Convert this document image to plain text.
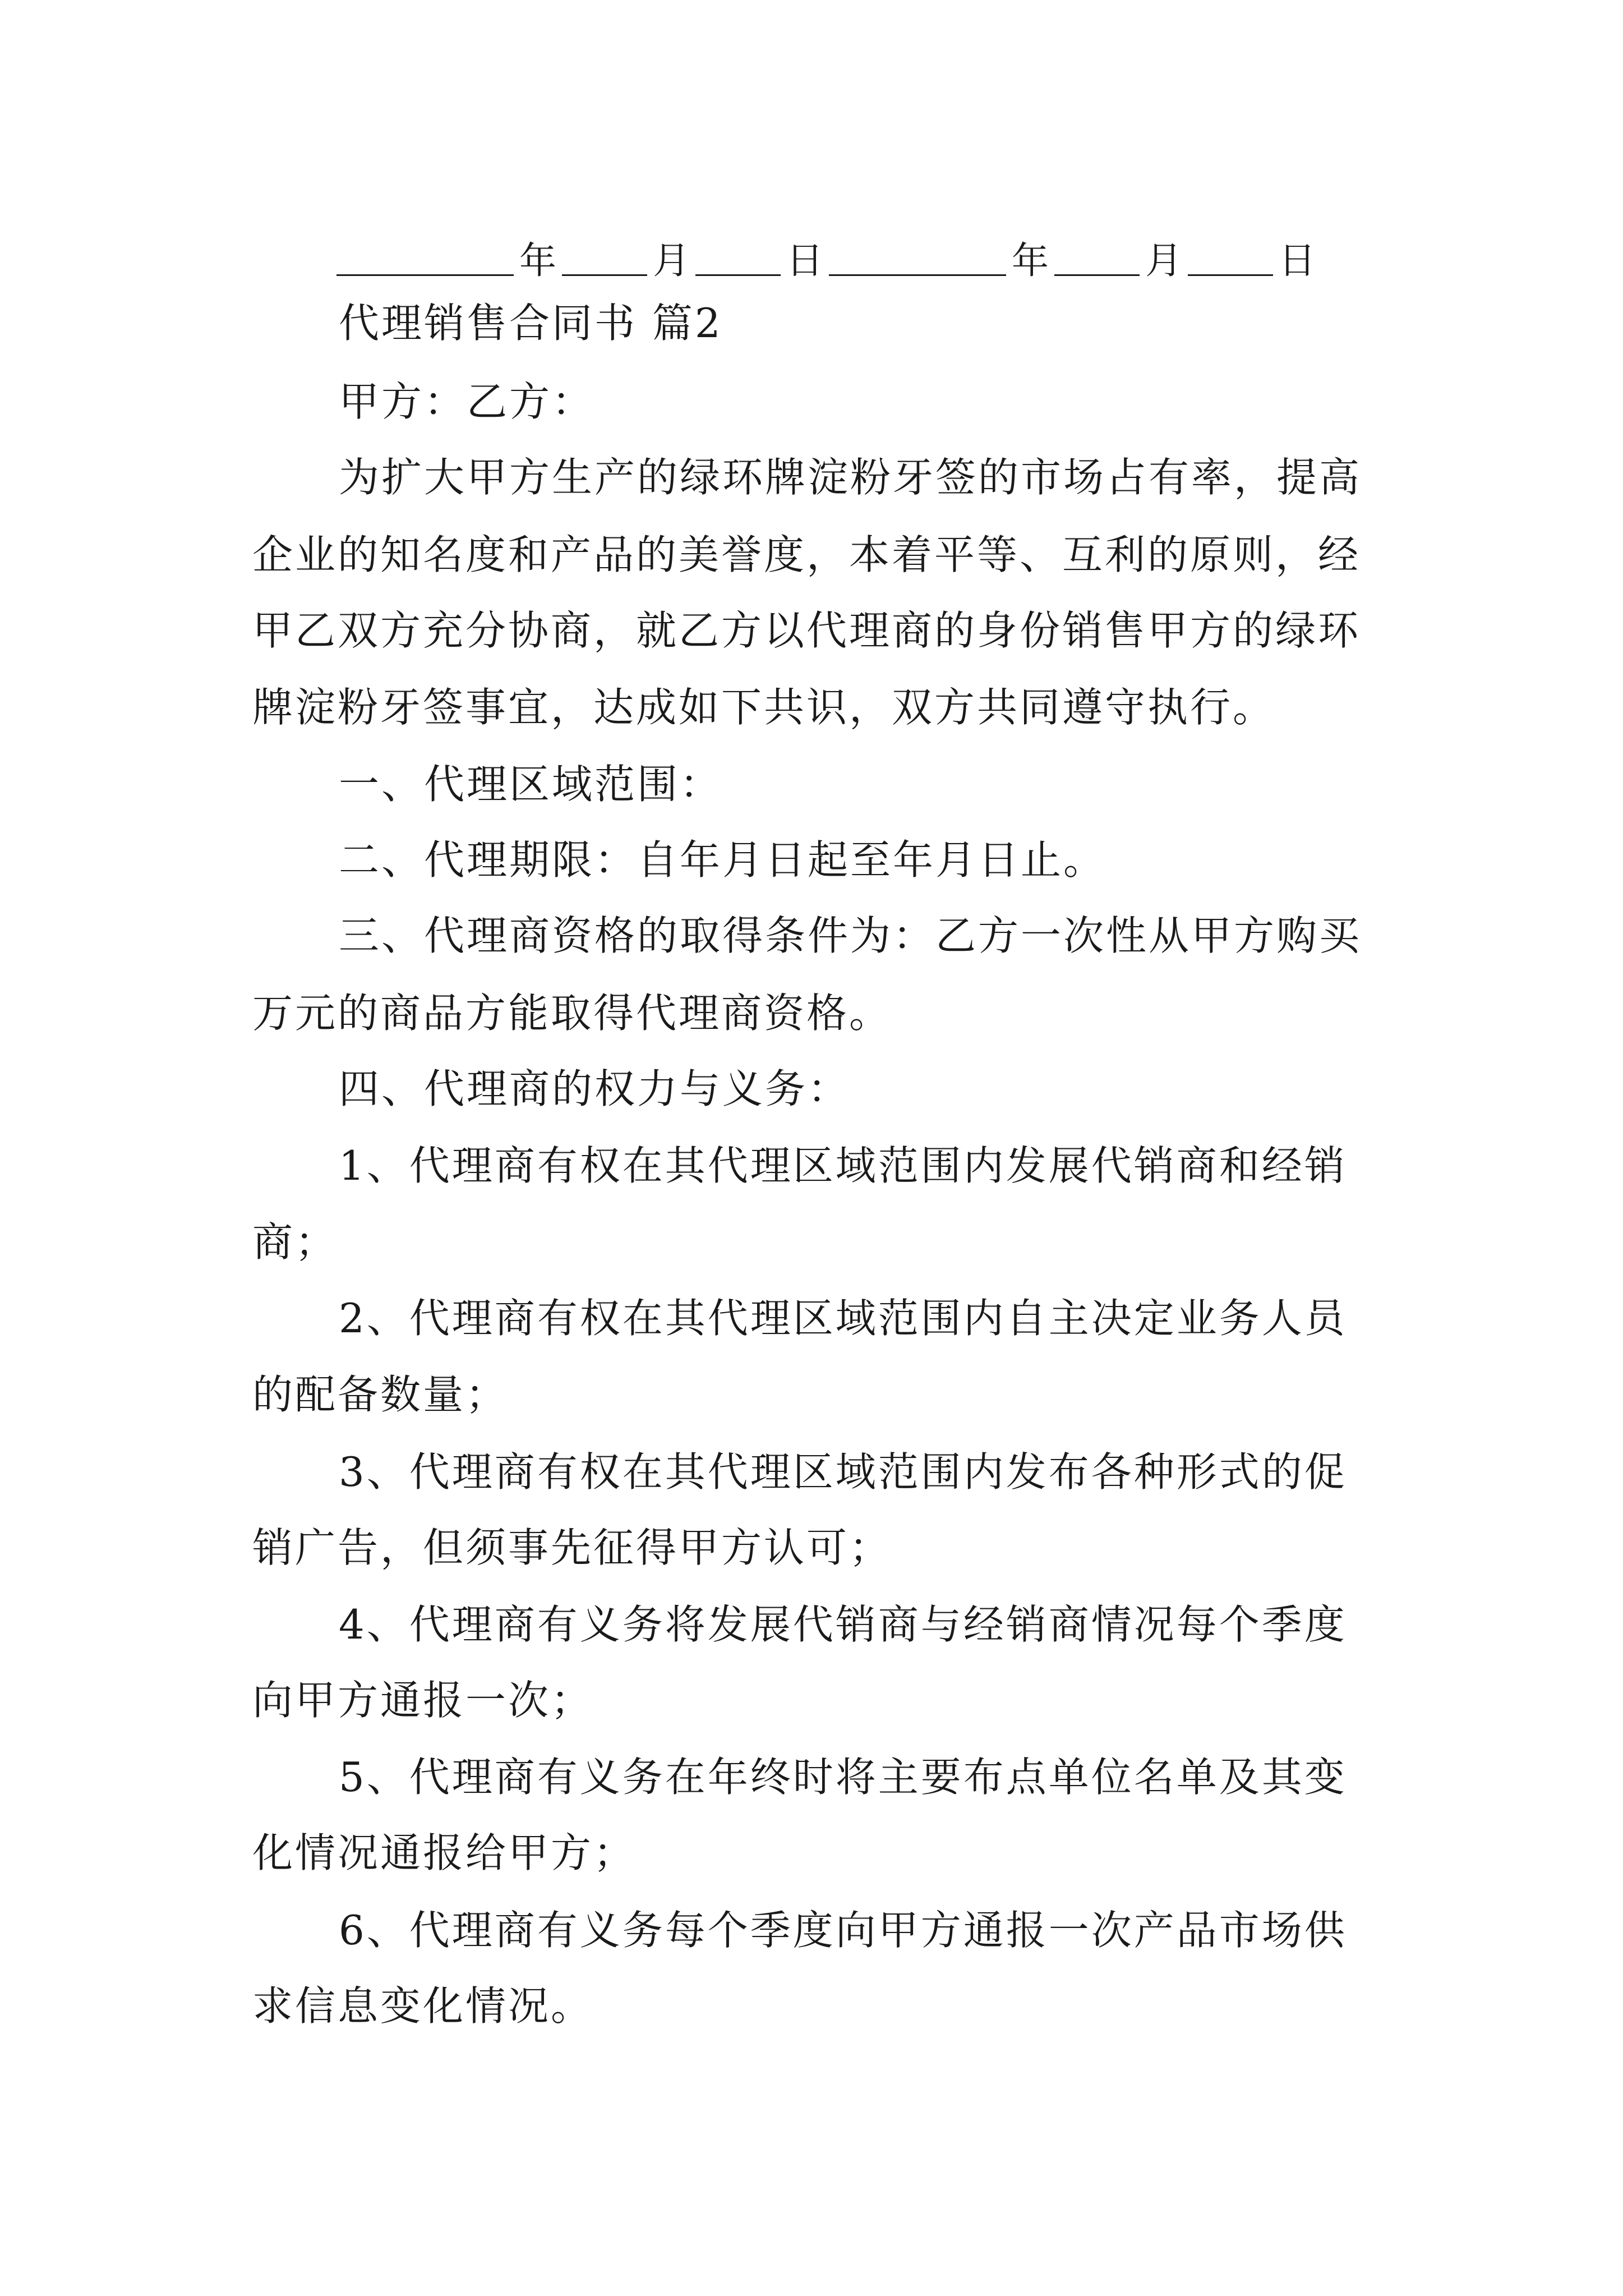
年	月	日	年	月	日
代理销售合同书 篇2
甲方：乙方：
为扩大甲方生产的绿环牌淀粉牙签的市场占有率，提高
企业的知名度和产品的美誉度，本着平等、互利的原则，经
甲乙双方充分协商，就乙方以代理商的身份销售甲方的绿环
牌淀粉牙签事宜，达成如下共识，双方共同遵守执行。
一、代理区域范围：
二、代理期限：自年月日起至年月日止。
三、代理商资格的取得条件为：乙方一次性从甲方购买
万元的商品方能取得代理商资格。
四、代理商的权力与义务：
1、代理商有权在其代理区域范围内发展代销商和经销
商；
2、代理商有权在其代理区域范围内自主决定业务人员
的配备数量；
3、代理商有权在其代理区域范围内发布各种形式的促
销广告，但须事先征得甲方认可；
4、代理商有义务将发展代销商与经销商情况每个季度
向甲方通报一次；
5、代理商有义务在年终时将主要布点单位名单及其变
化情况通报给甲方；
6、代理商有义务每个季度向甲方通报一次产品市场供
求信息变化情况。
